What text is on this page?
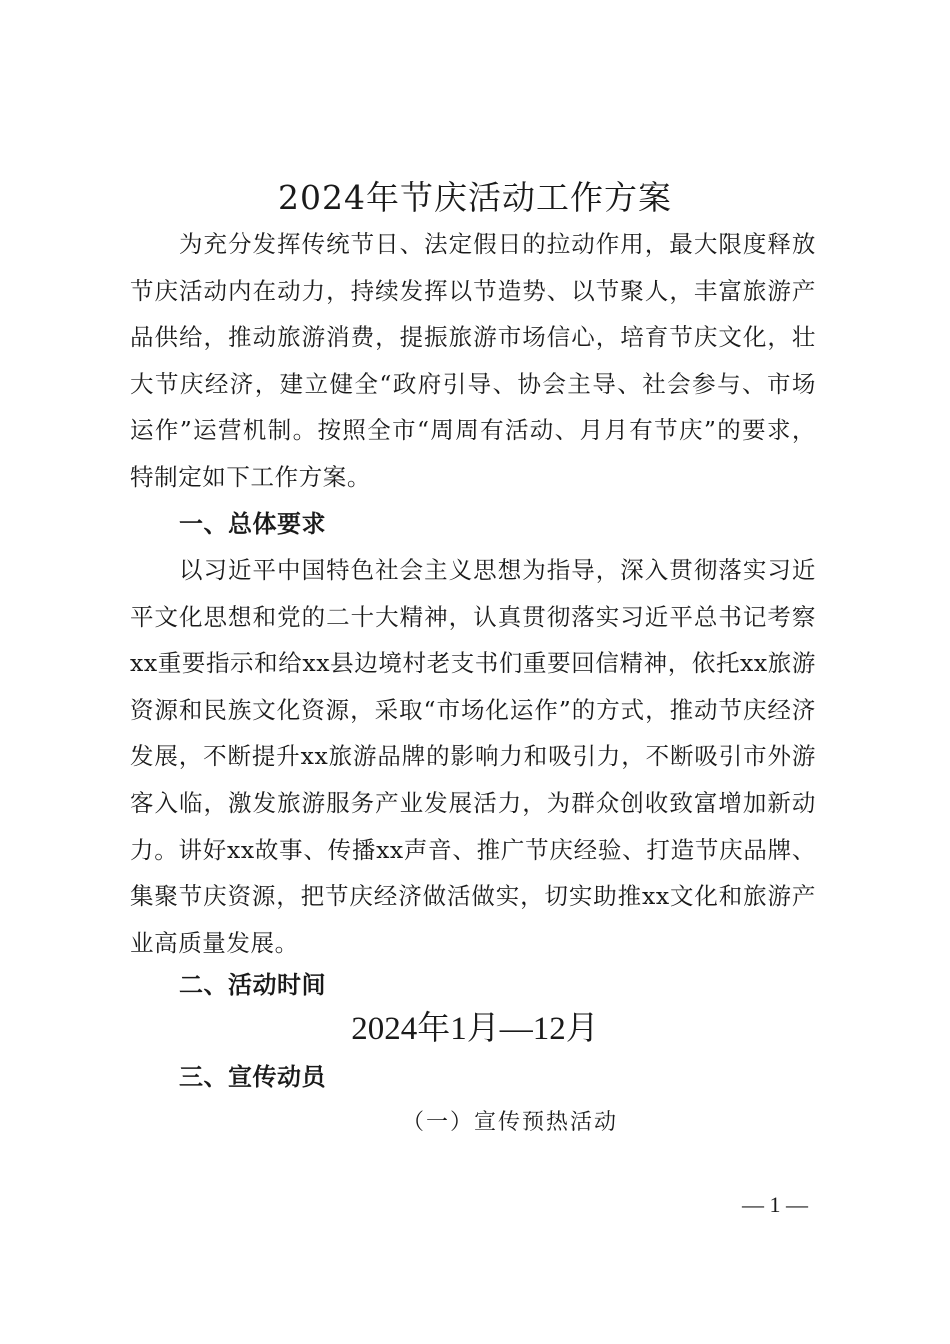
2024年节庆活动工作方案

为充分发挥传统节日、法定假日的拉动作用，最大限度释放节庆活动内在动力，持续发挥以节造势、以节聚人，丰富旅游产品供给，推动旅游消费，提振旅游市场信心，培育节庆文化，壮大节庆经济，建立健全“政府引导、协会主导、社会参与、市场运作”运营机制。按照全市“周周有活动、月月有节庆”的要求，特制定如下工作方案。

一、总体要求

以习近平中国特色社会主义思想为指导，深入贯彻落实习近平文化思想和党的二十大精神，认真贯彻落实习近平总书记考察xx重要指示和给xx县边境村老支书们重要回信精神，依托xx旅游资源和民族文化资源，采取“市场化运作”的方式，推动节庆经济发展，不断提升xx旅游品牌的影响力和吸引力，不断吸引市外游客入临，激发旅游服务产业发展活力，为群众创收致富增加新动力。讲好xx故事、传播xx声音、推广节庆经验、打造节庆品牌、集聚节庆资源，把节庆经济做活做实，切实助推xx文化和旅游产业高质量发展。

二、活动时间

2024年1月—12月

三、宣传动员

（一）宣传预热活动

— 1 —
